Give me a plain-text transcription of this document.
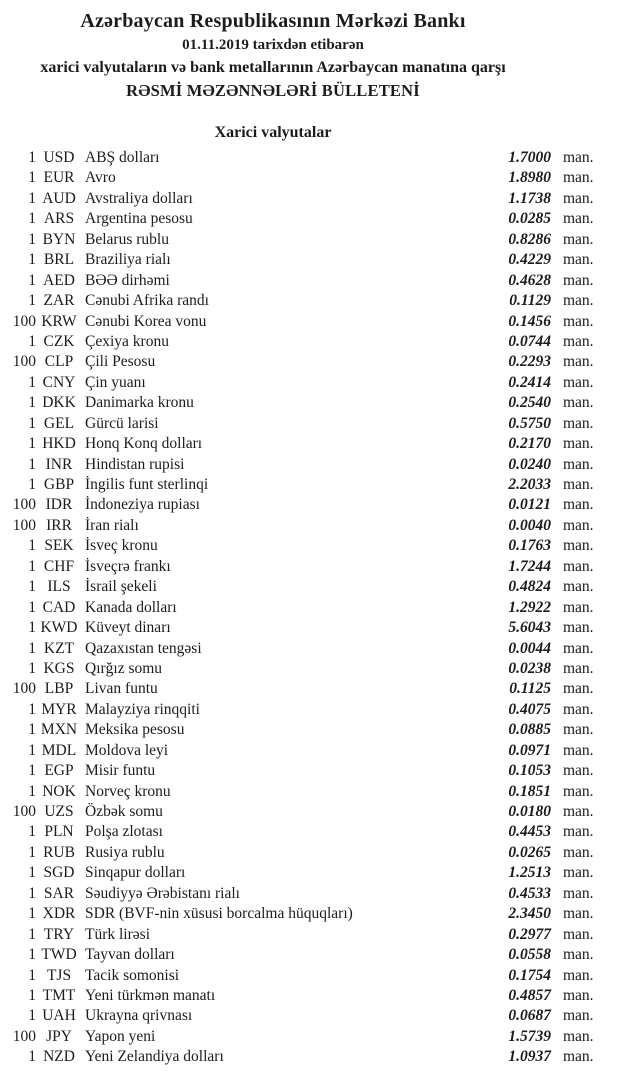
Azərbaycan Respublikasının Mərkəzi Bankı
01.11.2019 tarixdən etibarən
xarici valyutaların və bank metallarının Azərbaycan manatına qarşı
RƏSMİ MƏZƏNNƏLƏRİ BÜLLETENİ
Xarici valyutalar
1 USD ABŞ dolları	1.7000 man.
1 EUR Avro	1.8980 man.
1 AUD Avstraliya dolları	1.1738 man.
1 ARS Argentina pesosu	0.0285 man.
1 BYN Belarus rublu	0.8286 man.
1 BRL Braziliya rialı	0.4229 man.
1 AED BƏƏ dirhəmi	0.4628 man.
1 ZAR Cənubi Afrika randı	0.1129 man.
100 KRW Cənubi Korea vonu	0.1456 man.
1 CZK Çexiya kronu	0.0744 man.
100 CLP Çili Pesosu	0.2293 man.
1 CNY Çin yuanı	0.2414 man.
1 DKK Danimarka kronu	0.2540 man.
1 GEL Gürcü larisi	0.5750 man.
1 HKD Honq Konq dolları	0.2170 man.
1 INR Hindistan rupisi	0.0240 man.
1 GBP İngilis funt sterlinqi	2.2033 man.
100 IDR İndoneziya rupiası	0.0121 man.
100 IRR İran rialı	0.0040 man.
1 SEK İsveç kronu	0.1763 man.
1 CHF İsveçrə frankı	1.7244 man.
1 ILS İsrail şekeli	0.4824 man.
1 CAD Kanada dolları	1.2922 man.
1 KWD Küveyt dinarı	5.6043 man.
1 KZT Qazaxıstan tengəsi	0.0044 man.
1 KGS Qırğız somu	0.0238 man.
100 LBP Livan funtu	0.1125 man.
1 MYR Malayziya rinqqiti	0.4075 man.
1 MXN Meksika pesosu	0.0885 man.
1 MDL Moldova leyi	0.0971 man.
1 EGP Misir funtu	0.1053 man.
1 NOK Norveç kronu	0.1851 man.
100 UZS Özbək somu	0.0180 man.
1 PLN Polşa zlotası	0.4453 man.
1 RUB Rusiya rublu	0.0265 man.
1 SGD Sinqapur dolları	1.2513 man.
1 SAR Səudiyyə Ərəbistanı rialı	0.4533 man.
1 XDR SDR (BVF-nin xüsusi borcalma hüquqları)	2.3450 man.
1 TRY Türk lirəsi	0.2977 man.
1 TWD Tayvan dolları	0.0558 man.
1 TJS Tacik somonisi	0.1754 man.
1 TMT Yeni türkmən manatı	0.4857 man.
1 UAH Ukrayna qrivnası	0.0687 man.
100 JPY Yapon yeni	1.5739 man.
1 NZD Yeni Zelandiya dolları	1.0937 man.
